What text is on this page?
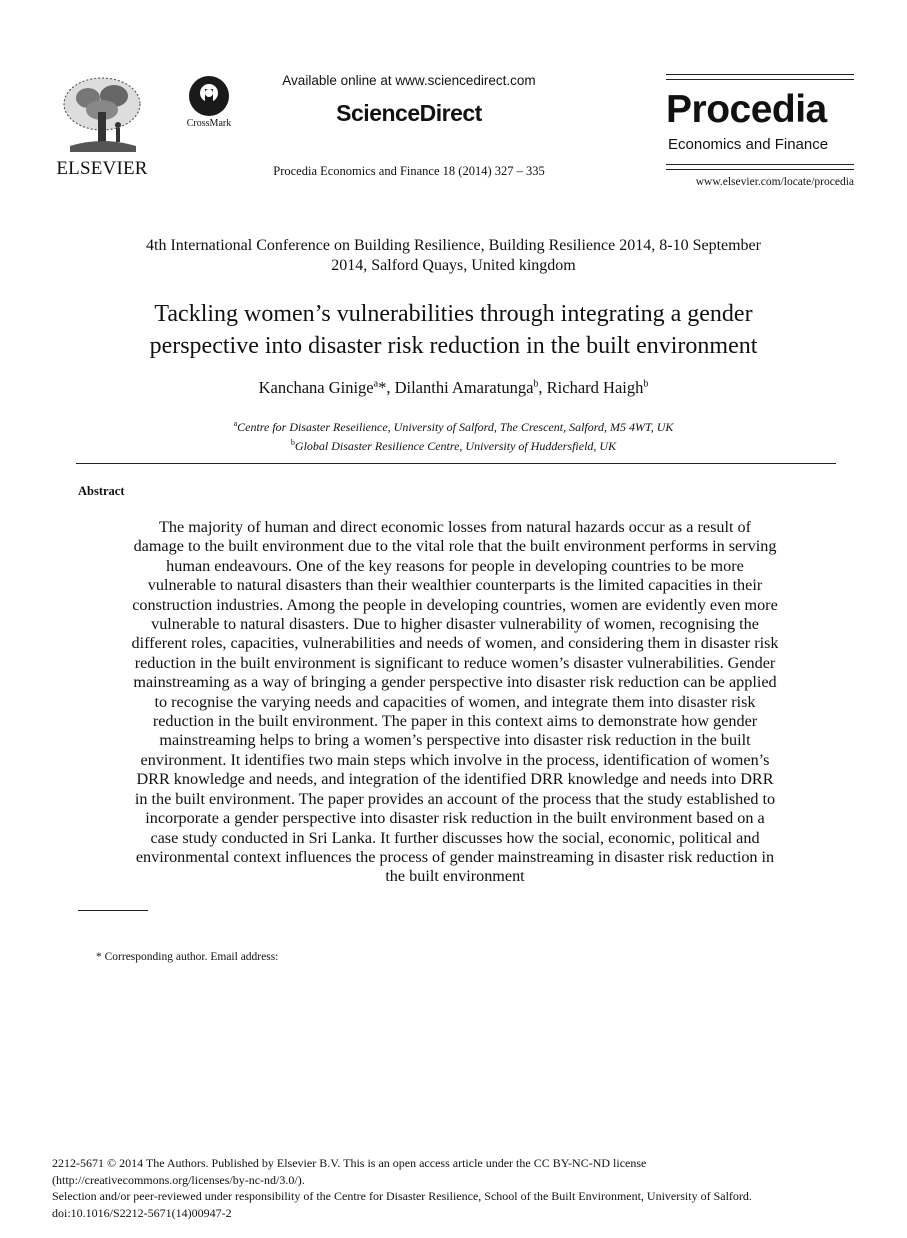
ELSEVIER
CrossMark
Available online at www.sciencedirect.com
ScienceDirect
Procedia Economics and Finance 18 (2014) 327 – 335
Procedia
Economics and Finance
www.elsevier.com/locate/procedia
4th International Conference on Building Resilience, Building Resilience 2014, 8-10 September
2014, Salford Quays, United kingdom
Tackling women’s vulnerabilities through integrating a gender
perspective into disaster risk reduction in the built environment
Kanchana Ginige$^a$*, Dilanthi Amaratunga$^b$, Richard Haigh$^b$
$^a$Centre for Disaster Reseilience, University of Salford, The Crescent, Salford, M5 4WT, UK
$^b$Global Disaster Resilience Centre, University of Huddersfield, UK
Abstract
The majority of human and direct economic losses from natural hazards occur as a result of
damage to the built environment due to the vital role that the built environment performs in serving
human endeavours. One of the key reasons for people in developing countries to be more
vulnerable to natural disasters than their wealthier counterparts is the limited capacities in their
construction industries. Among the people in developing countries, women are evidently even more
vulnerable to natural disasters. Due to higher disaster vulnerability of women, recognising the
different roles, capacities, vulnerabilities and needs of women, and considering them in disaster risk
reduction in the built environment is significant to reduce women’s disaster vulnerabilities. Gender
mainstreaming as a way of bringing a gender perspective into disaster risk reduction can be applied
to recognise the varying needs and capacities of women, and integrate them into disaster risk
reduction in the built environment. The paper in this context aims to demonstrate how gender
mainstreaming helps to bring a women’s perspective into disaster risk reduction in the built
environment. It identifies two main steps which involve in the process, identification of women’s
DRR knowledge and needs, and integration of the identified DRR knowledge and needs into DRR
in the built environment. The paper provides an account of the process that the study established to
incorporate a gender perspective into disaster risk reduction in the built environment based on a
case study conducted in Sri Lanka. It further discusses how the social, economic, political and
environmental context influences the process of gender mainstreaming in disaster risk reduction in
the built environment
* Corresponding author. Email address:
2212-5671 © 2014 The Authors. Published by Elsevier B.V. This is an open access article under the CC BY-NC-ND license
(http://creativecommons.org/licenses/by-nc-nd/3.0/).
Selection and/or peer-reviewed under responsibility of the Centre for Disaster Resilience, School of the Built Environment, University of Salford.
doi:10.1016/S2212-5671(14)00947-2
